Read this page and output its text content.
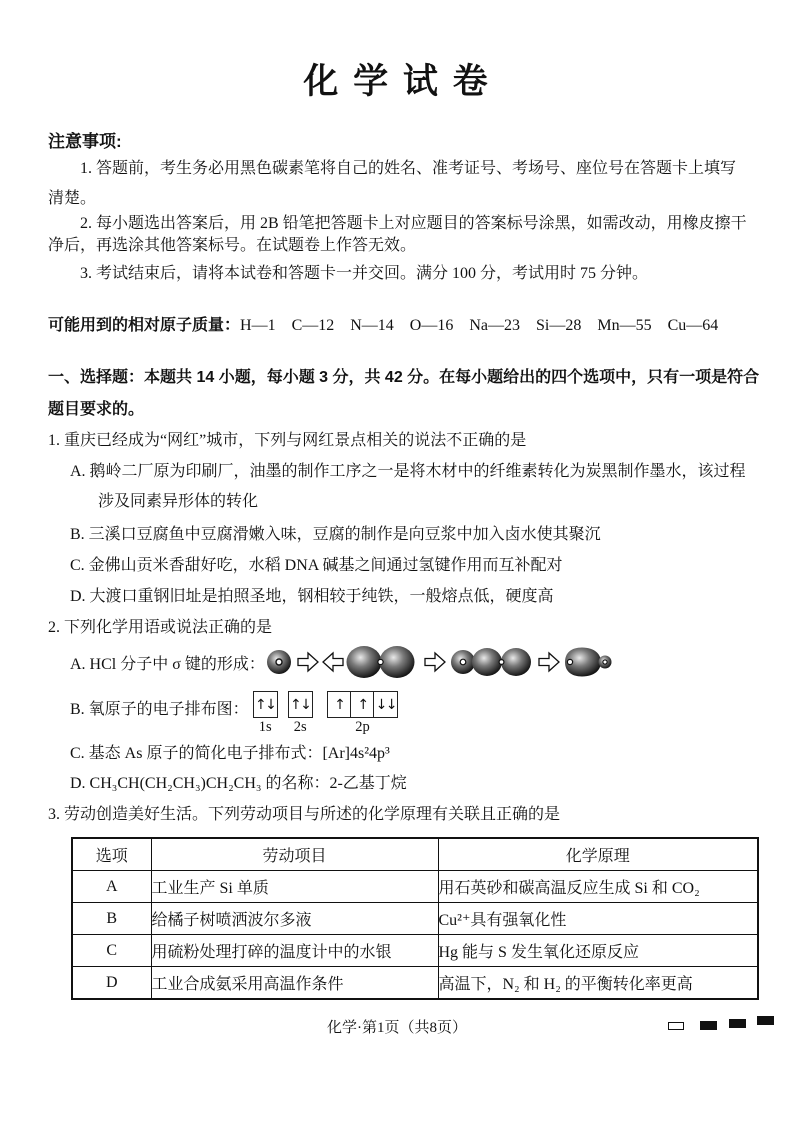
化 学 试 卷
注意事项:
1. 答题前，考生务必用黑色碳素笔将自己的姓名、准考证号、考场号、座位号在答题卡上填写
清楚。
2. 每小题选出答案后，用 2B 铅笔把答题卡上对应题目的答案标号涂黑，如需改动，用橡皮擦干
净后，再选涂其他答案标号。在试题卷上作答无效。
3. 考试结束后，请将本试卷和答题卡一并交回。满分 100 分，考试用时 75 分钟。
可能用到的相对原子质量：H—1　C—12　N—14　O—16　Na—23　Si—28　Mn—55　Cu—64
一、选择题：本题共 14 小题，每小题 3 分，共 42 分。在每小题给出的四个选项中，只有一项是符合
题目要求的。
1. 重庆已经成为“网红”城市，下列与网红景点相关的说法不正确的是
A. 鹅岭二厂原为印刷厂，油墨的制作工序之一是将木材中的纤维素转化为炭黑制作墨水，该过程
涉及同素异形体的转化
B. 三溪口豆腐鱼中豆腐滑嫩入味，豆腐的制作是向豆浆中加入卤水使其聚沉
C. 金佛山贡米香甜好吃，水稻 DNA 碱基之间通过氢键作用而互补配对
D. 大渡口重钢旧址是拍照圣地，钢相较于纯铁，一般熔点低，硬度高
2. 下列化学用语或说法正确的是
A. HCl 分子中 σ 键的形成：
B. 氧原子的电子排布图： ↑↓
1s
↑↓
2s
↑ ↑ ↓↓
2p
C. 基态 As 原子的简化电子排布式：[Ar]4s²4p³
D. CH₃CH(CH₂CH₃)CH₂CH₃ 的名称：2-乙基丁烷
3. 劳动创造美好生活。下列劳动项目与所述的化学原理有关联且正确的是
选项	劳动项目	化学原理
A	工业生产 Si 单质	用石英砂和碳高温反应生成 Si 和 CO₂
B	给橘子树喷洒波尔多液	Cu²⁺具有强氧化性
C	用硫粉处理打碎的温度计中的水银	Hg 能与 S 发生氧化还原反应
D	工业合成氨采用高温作条件	高温下，N₂ 和 H₂ 的平衡转化率更高
化学·第1页（共8页）
